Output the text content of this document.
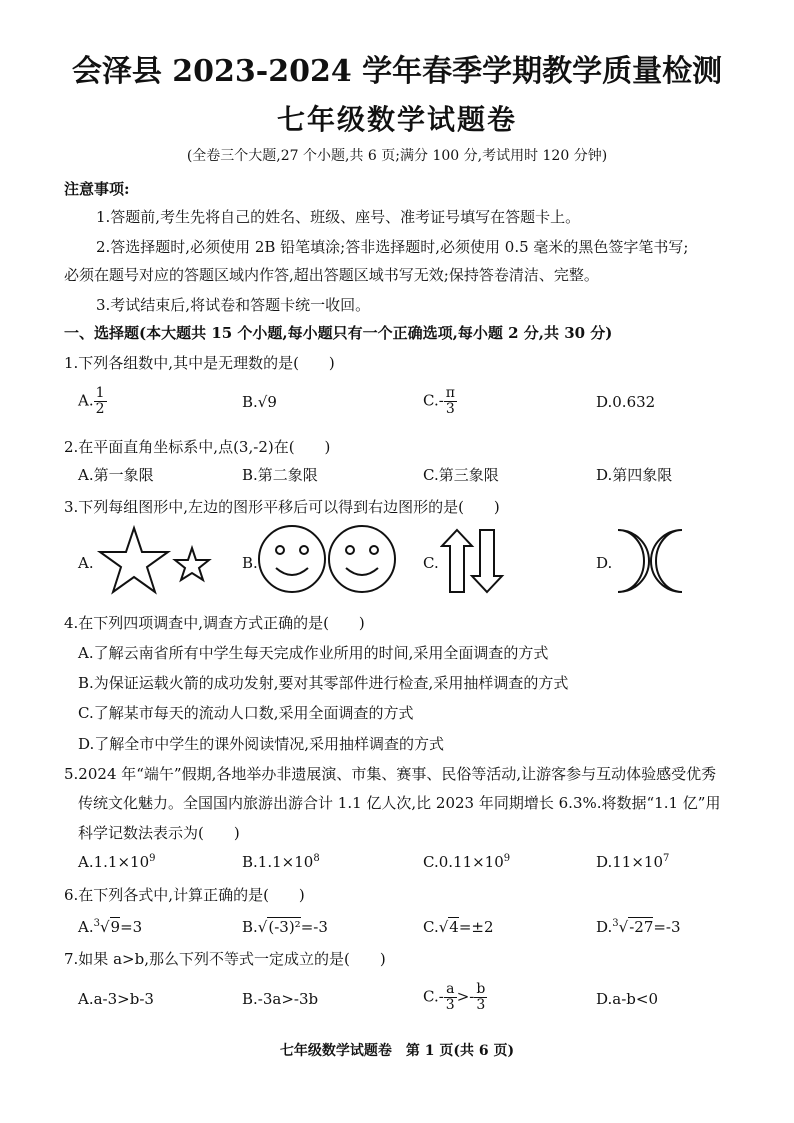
会泽县 2023-2024 学年春季学期教学质量检测
七年级数学试题卷
(全卷三个大题,27 个小题,共 6 页;满分 100 分,考试用时 120 分钟)
注意事项:
1.答题前,考生先将自己的姓名、班级、座号、准考证号填写在答题卡上。
2.答选择题时,必须使用 2B 铅笔填涂;答非选择题时,必须使用 0.5 毫米的黑色签字笔书写;
必须在题号对应的答题区域内作答,超出答题区域书写无效;保持答卷清洁、完整。
3.考试结束后,将试卷和答题卡统一收回。
一、选择题(本大题共 15 个小题,每小题只有一个正确选项,每小题 2 分,共 30 分)
1.下列各组数中,其中是无理数的是(　　)
A. $\frac{1}{2}$	B.√9	$C.- \frac{\pi}{3}$	D.0.632
2.在平面直角坐标系中,点(3,-2)在(　　)
A.第一象限	B.第二象限	C.第三象限	D.第四象限
3.下列每组图形中,左边的图形平移后可以得到右边图形的是(　　)
A.	B.	C.	D.
4.在下列四项调查中,调查方式正确的是(　　)
A.了解云南省所有中学生每天完成作业所用的时间,采用全面调查的方式
B.为保证运载火箭的成功发射,要对其零部件进行检查,采用抽样调查的方式
C.了解某市每天的流动人口数,采用全面调查的方式
D.了解全市中学生的课外阅读情况,采用抽样调查的方式
5.2024 年“端午”假期,各地举办非遗展演、市集、赛事、民俗等活动,让游客参与互动体验感受优秀
传统文化魅力。全国国内旅游出游合计 1.1 亿人次,比 2023 年同期增长 6.3%.将数据“1.1 亿”用
科学记数法表示为(　　)
$A.1.1\times 10^9$	$B.1.1\times 10^8$	$C.0.11\times 10^9$	$D.11\times 10^7$
6.在下列各式中,计算正确的是(　　)
A.$^3$√9=3	B.√(-3)²=-3	C.√4=±2	D.$^3$√-27=-3
7.如果 a>b,那么下列不等式一定成立的是(　　)
A.a-3>b-3	B.-3a>-3b	$C.- \frac{a}{3} >- \frac{b}{3}$	D.a-b<0
七年级数学试题卷　第 1 页(共 6 页)
